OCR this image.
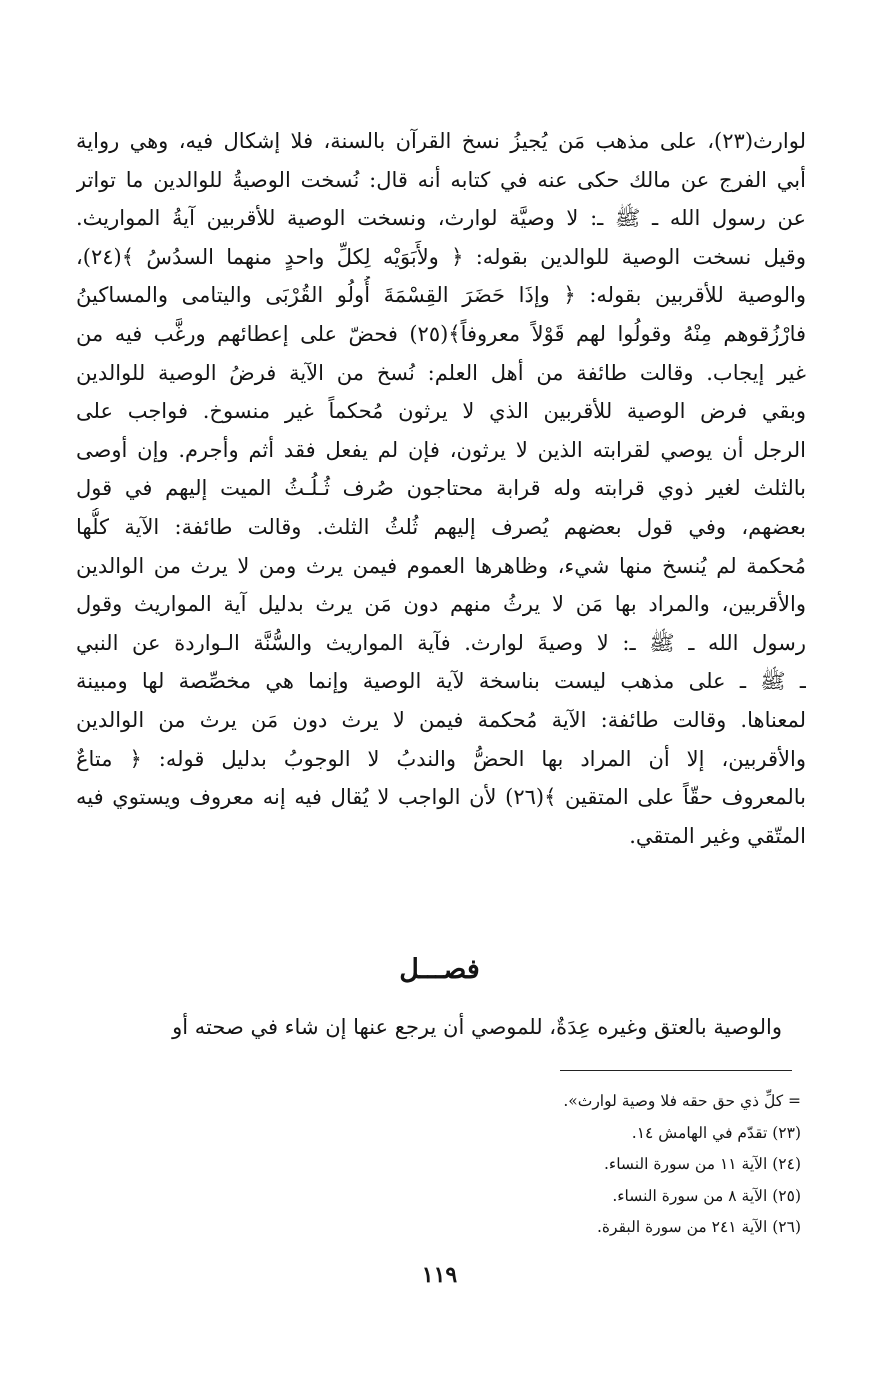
لوارث(٢٣)، على مذهب مَن يُجيزُ نسخ القرآن بالسنة، فلا إشكال فيه، وهي رواية
أبي الفرج عن مالك حكى عنه في كتابه أنه قال: نُسخت الوصيةُ للوالدين ما تواتر
عن رسول الله ـ ﷺ ـ: لا وصيَّة لوارث، ونسخت الوصية للأقربين آيةُ المواريث.
وقيل نسخت الوصية للوالدين بقوله: ﴿ ولأَبَوَيْه لِكلِّ واحدٍ منهما السدُسُ ﴾(٢٤)،
والوصية للأقربين بقوله: ﴿ وإذَا حَضَرَ القِسْمَةَ أُولُو القُرْبَى واليتامى والمساكينُ
فارْزُقوهم مِنْهُ وقولُوا لهم قَوْلاً معروفاً﴾(٢٥) فحضّ على إعطائهم ورغَّب فيه من
غير إيجاب. وقالت طائفة من أهل العلم: نُسخ من الآية فرضُ الوصية للوالدين
وبقي فرض الوصية للأقربين الذي لا يرثون مُحكماً غير منسوخ. فواجب على
الرجل أن يوصي لقرابته الذين لا يرثون، فإن لم يفعل فقد أثم وأجرم. وإن أوصى
بالثلث لغير ذوي قرابته وله قرابة محتاجون صُرف ثُـلُـثُ الميت إليهم في قول
بعضهم، وفي قول بعضهم يُصرف إليهم ثُلثُ الثلث. وقالت طائفة: الآية كلُّها
مُحكمة لم يُنسخ منها شيء، وظاهرها العموم فيمن يرث ومن لا يرث من الوالدين
والأقربين، والمراد بها مَن لا يرثُ منهم دون مَن يرث بدليل آية المواريث وقول
رسول الله ـ ﷺ ـ: لا وصيةَ لوارث. فآية المواريث والسُّنَّة الـواردة عن النبي
ـ ﷺ ـ على مذهب ليست بناسخة لآية الوصية وإنما هي مخصِّصة لها ومبينة
لمعناها. وقالت طائفة: الآية مُحكمة فيمن لا يرث دون مَن يرث من الوالدين
والأقربين، إلا أن المراد بها الحضُّ والندبُ لا الوجوبُ بدليل قوله: ﴿ متاعٌ
بالمعروف حقّاً على المتقين ﴾(٢٦) لأن الواجب لا يُقال فيه إنه معروف ويستوي فيه
المتّقي وغير المتقي.
فصـــل
والوصية بالعتق وغيره عِدَةٌ، للموصي أن يرجع عنها إن شاء في صحته أو
= كلِّ ذي حق حقه فلا وصية لوارث».
(٢٣) تقدّم في الهامش ١٤.
(٢٤) الآية ١١ من سورة النساء.
(٢٥) الآية ٨ من سورة النساء.
(٢٦) الآية ٢٤١ من سورة البقرة.
١١٩
